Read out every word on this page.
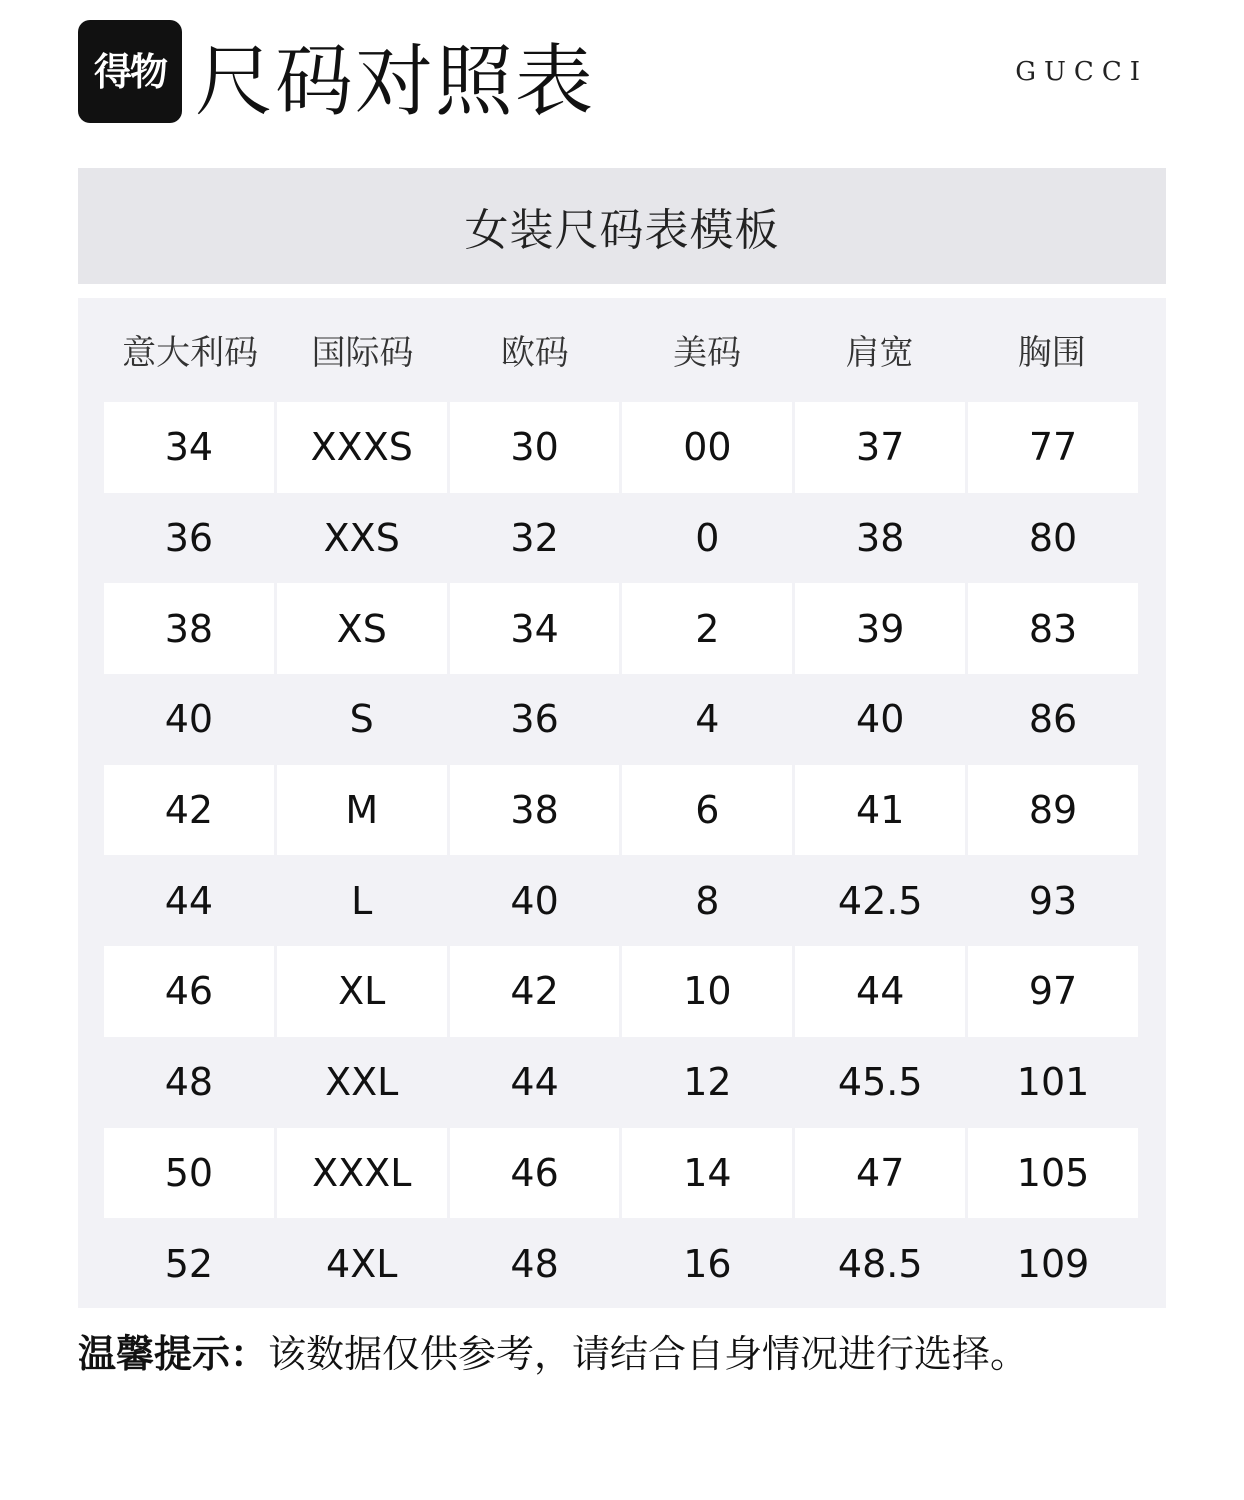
得物 尺码对照表	GUCCI
女装尺码表模板
意大利码	国际码	欧码	美码	肩宽	胸围
34	XXXS	30	00	37	77
36	XXS	32	0	38	80
38	XS	34	2	39	83
40	S	36	4	40	86
42	M	38	6	41	89
44	L	40	8	42.5	93
46	XL	42	10	44	97
48	XXL	44	12	45.5	101
50	XXXL	46	14	47	105
52	4XL	48	16	48.5	109
温馨提示：该数据仅供参考，请结合自身情况进行选择。
